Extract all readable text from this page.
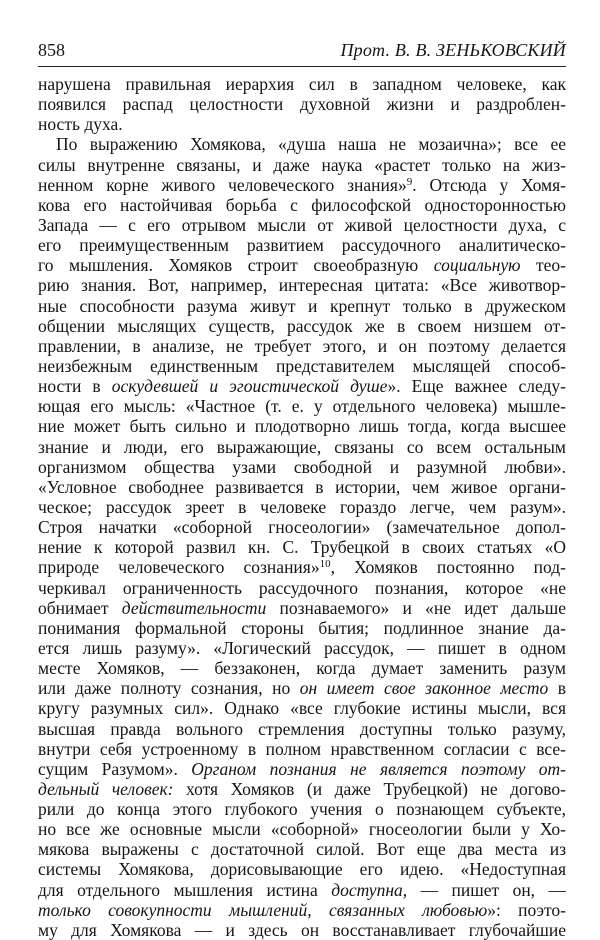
858	Прот. В. В. ЗЕНЬКОВСКИЙ
нарушена правильная иерархия сил в западном человеке, как
появился распад целостности духовной жизни и раздроблен-
ность духа.
По выражению Хомякова, «душа наша не мозаична»; все ее
силы внутренне связаны, и даже наука «растет только на жиз-
ненном корне живого человеческого знания»$^9$. Отсюда у Хомя-
кова его настойчивая борьба с философской односторонностью
Запада — с его отрывом мысли от живой целостности духа, с
его преимущественным развитием рассудочного аналитическо-
го мышления. Хомяков строит своеобразную социальную тео-
рию знания. Вот, например, интересная цитата: «Все животвор-
ные способности разума живут и крепнут только в дружеском
общении мыслящих существ, рассудок же в своем низшем от-
правлении, в анализе, не требует этого, и он поэтому делается
неизбежным единственным представителем мыслящей способ-
ности в оскудевшей и эгоистической душе». Еще важнее следу-
ющая его мысль: «Частное (т. е. у отдельного человека) мышле-
ние может быть сильно и плодотворно лишь тогда, когда высшее
знание и люди, его выражающие, связаны со всем остальным
организмом общества узами свободной и разумной любви».
«Условное свободнее развивается в истории, чем живое органи-
ческое; рассудок зреет в человеке гораздо легче, чем разум».
Строя начатки «соборной гносеологии» (замечательное допол-
нение к которой развил кн. С. Трубецкой в своих статьях «О
природе человеческого сознания»$^{10}$, Хомяков постоянно под-
черкивал ограниченность рассудочного познания, которое «не
обнимает действительности познаваемого» и «не идет дальше
понимания формальной стороны бытия; подлинное знание да-
ется лишь разуму». «Логический рассудок, — пишет в одном
месте Хомяков, — беззаконен, когда думает заменить разум
или даже полноту сознания, но он имеет свое законное место в
кругу разумных сил». Однако «все глубокие истины мысли, вся
высшая правда вольного стремления доступны только разуму,
внутри себя устроенному в полном нравственном согласии с все-
сущим Разумом». Органом познания не является поэтому от-
дельный человек: хотя Хомяков (и даже Трубецкой) не догово-
рили до конца этого глубокого учения о познающем субъекте,
но все же основные мысли «соборной» гносеологии были у Хо-
мякова выражены с достаточной силой. Вот еще два места из
системы Хомякова, дорисовывающие его идею. «Недоступная
для отдельного мышления истина доступна, — пишет он, —
только совокупности мышлений, связанных любовью»: поэто-
му для Хомякова — и здесь он восстанавливает глубочайшие
